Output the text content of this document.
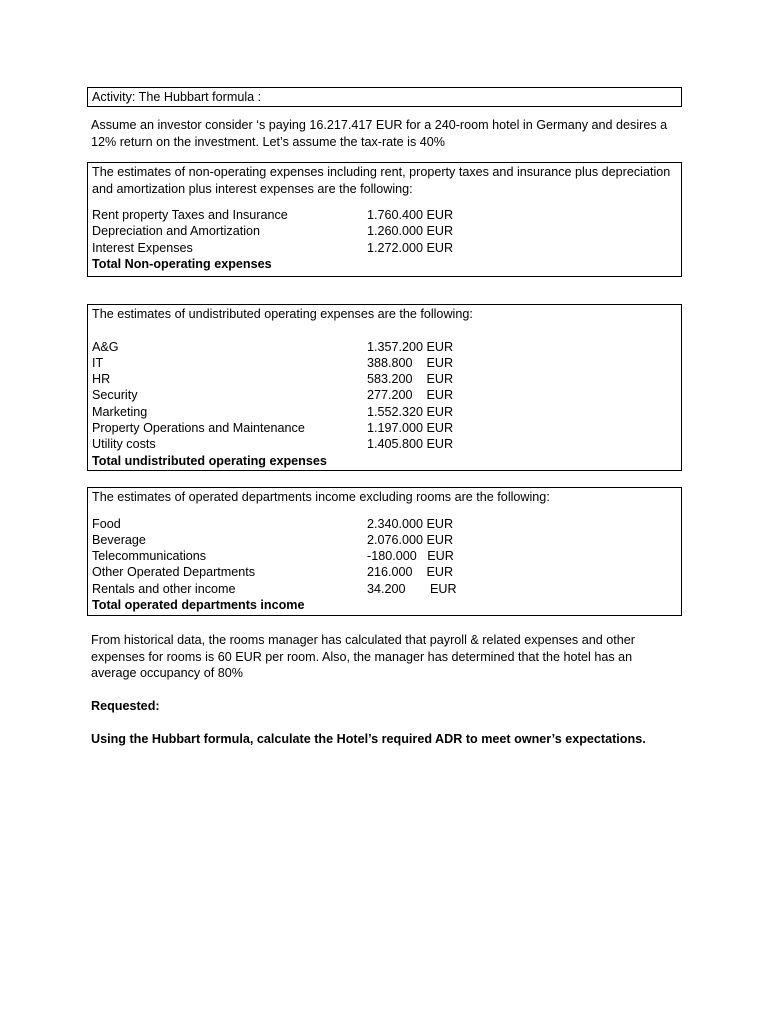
Activity: The Hubbart formula :
Assume an investor consider ‘s paying 16.217.417 EUR for a 240-room hotel in Germany and desires a 12% return on the investment. Let’s assume the tax-rate is 40%

The estimates of non-operating expenses including rent, property taxes and insurance plus depreciation and amortization plus interest expenses are the following:

Rent property Taxes and Insurance	1.760.400 EUR
Depreciation and Amortization	1.260.000 EUR
Interest Expenses	1.272.000 EUR
Total Non-operating expenses

The estimates of undistributed operating expenses are the following:

A&G	1.357.200 EUR
IT	388.800    EUR
HR	583.200    EUR
Security	277.200    EUR
Marketing	1.552.320 EUR
Property Operations and Maintenance	1.197.000 EUR
Utility costs	1.405.800 EUR
Total undistributed operating expenses

The estimates of operated departments income excluding rooms are the following:

Food	2.340.000 EUR
Beverage	2.076.000 EUR
Telecommunications	-180.000   EUR
Other Operated Departments	216.000    EUR
Rentals and other income	34.200       EUR
Total operated departments income
From historical data, the rooms manager has calculated that payroll & related expenses and other expenses for rooms is 60 EUR per room. Also, the manager has determined that the hotel has an average occupancy of 80%
Requested:
Using the Hubbart formula, calculate the Hotel’s required ADR to meet owner’s expectations.
